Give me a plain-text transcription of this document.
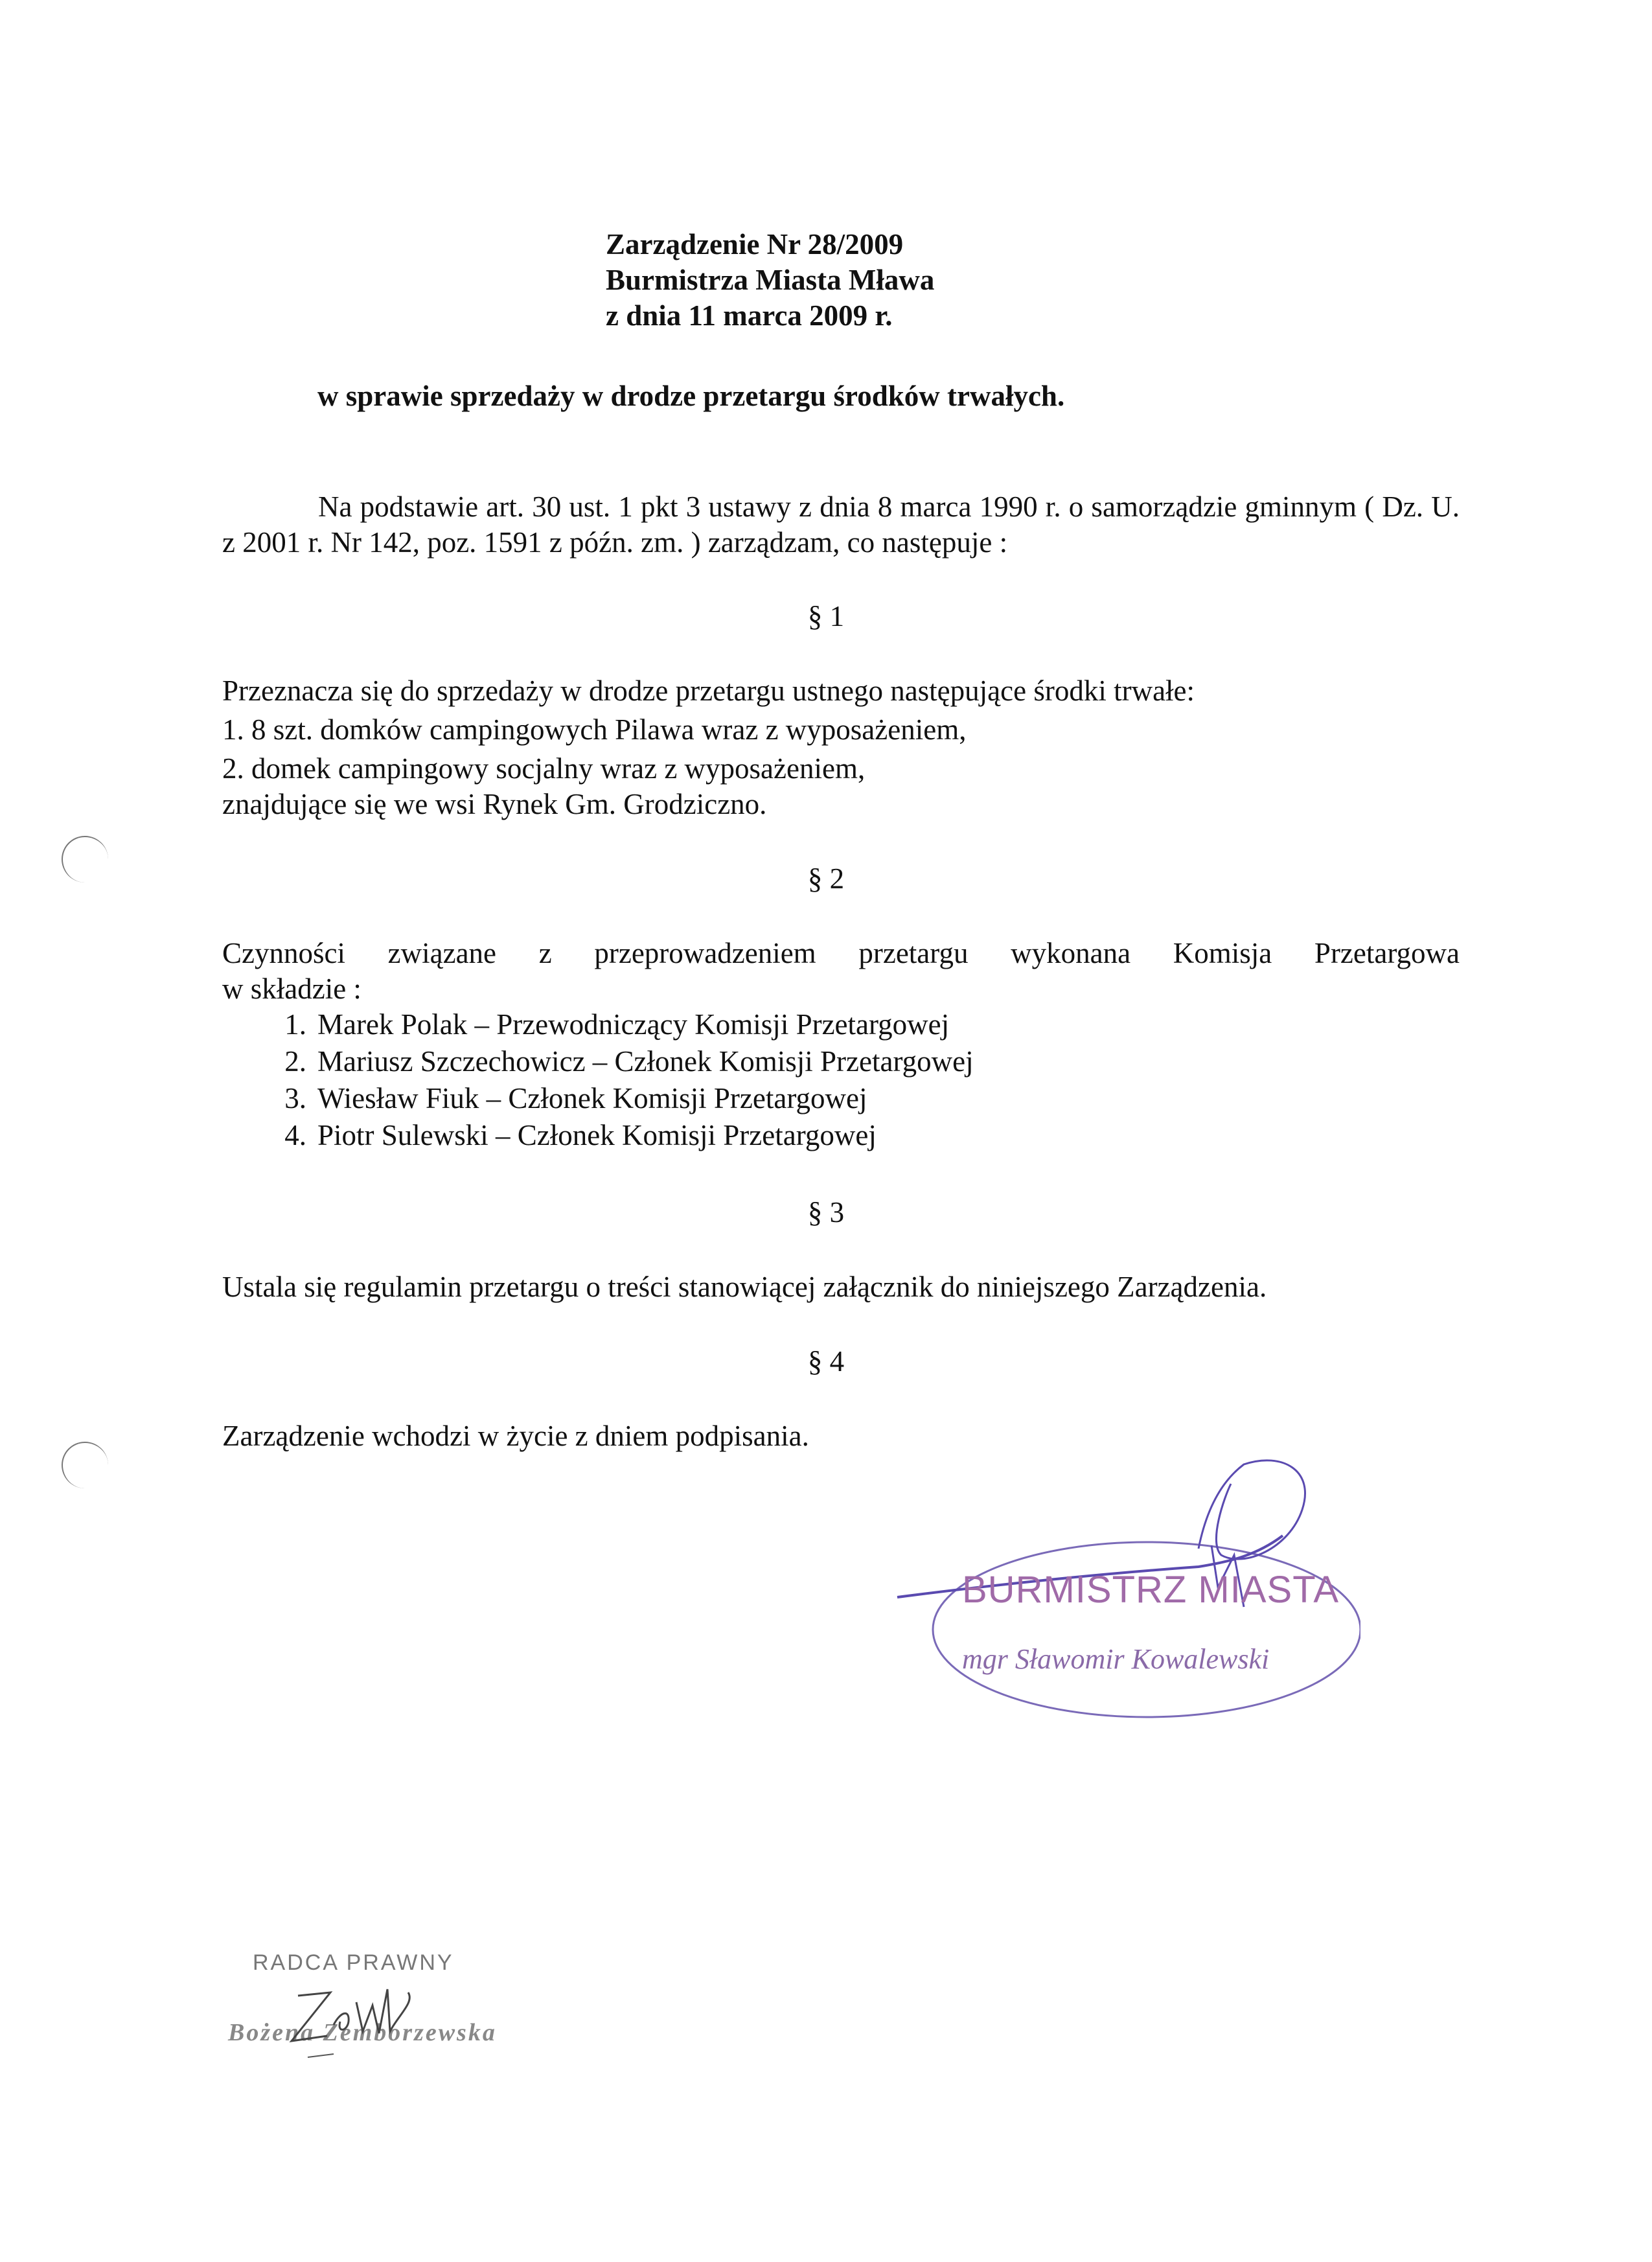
Zarządzenie Nr 28/2009
Burmistrza Miasta Mława
z dnia 11 marca 2009 r.
w sprawie sprzedaży w drodze przetargu środków trwałych.
Na podstawie art. 30 ust. 1 pkt 3 ustawy z dnia 8 marca 1990 r. o samorządzie gminnym ( Dz. U. z 2001 r. Nr 142, poz. 1591 z późn. zm. ) zarządzam, co następuje :
§ 1
Przeznacza się do sprzedaży w drodze przetargu ustnego następujące środki trwałe:
1. 8 szt. domków campingowych Pilawa wraz z wyposażeniem,
2. domek campingowy socjalny wraz z wyposażeniem,
znajdujące się we wsi Rynek Gm. Grodziczno.
§ 2
Czynności związane z przeprowadzeniem przetargu wykonana Komisja Przetargowa
w składzie :
1. Marek Polak – Przewodniczący Komisji Przetargowej
2. Mariusz Szczechowicz – Członek Komisji Przetargowej
3. Wiesław Fiuk – Członek Komisji Przetargowej
4. Piotr Sulewski – Członek Komisji Przetargowej
§ 3
Ustala się regulamin przetargu o treści stanowiącej załącznik do niniejszego Zarządzenia.
§ 4
Zarządzenie wchodzi w życie z dniem podpisania.
BURMISTRZ MIASTA
mgr Sławomir Kowalewski
RADCA PRAWNY
Bożena Zemborzewska
